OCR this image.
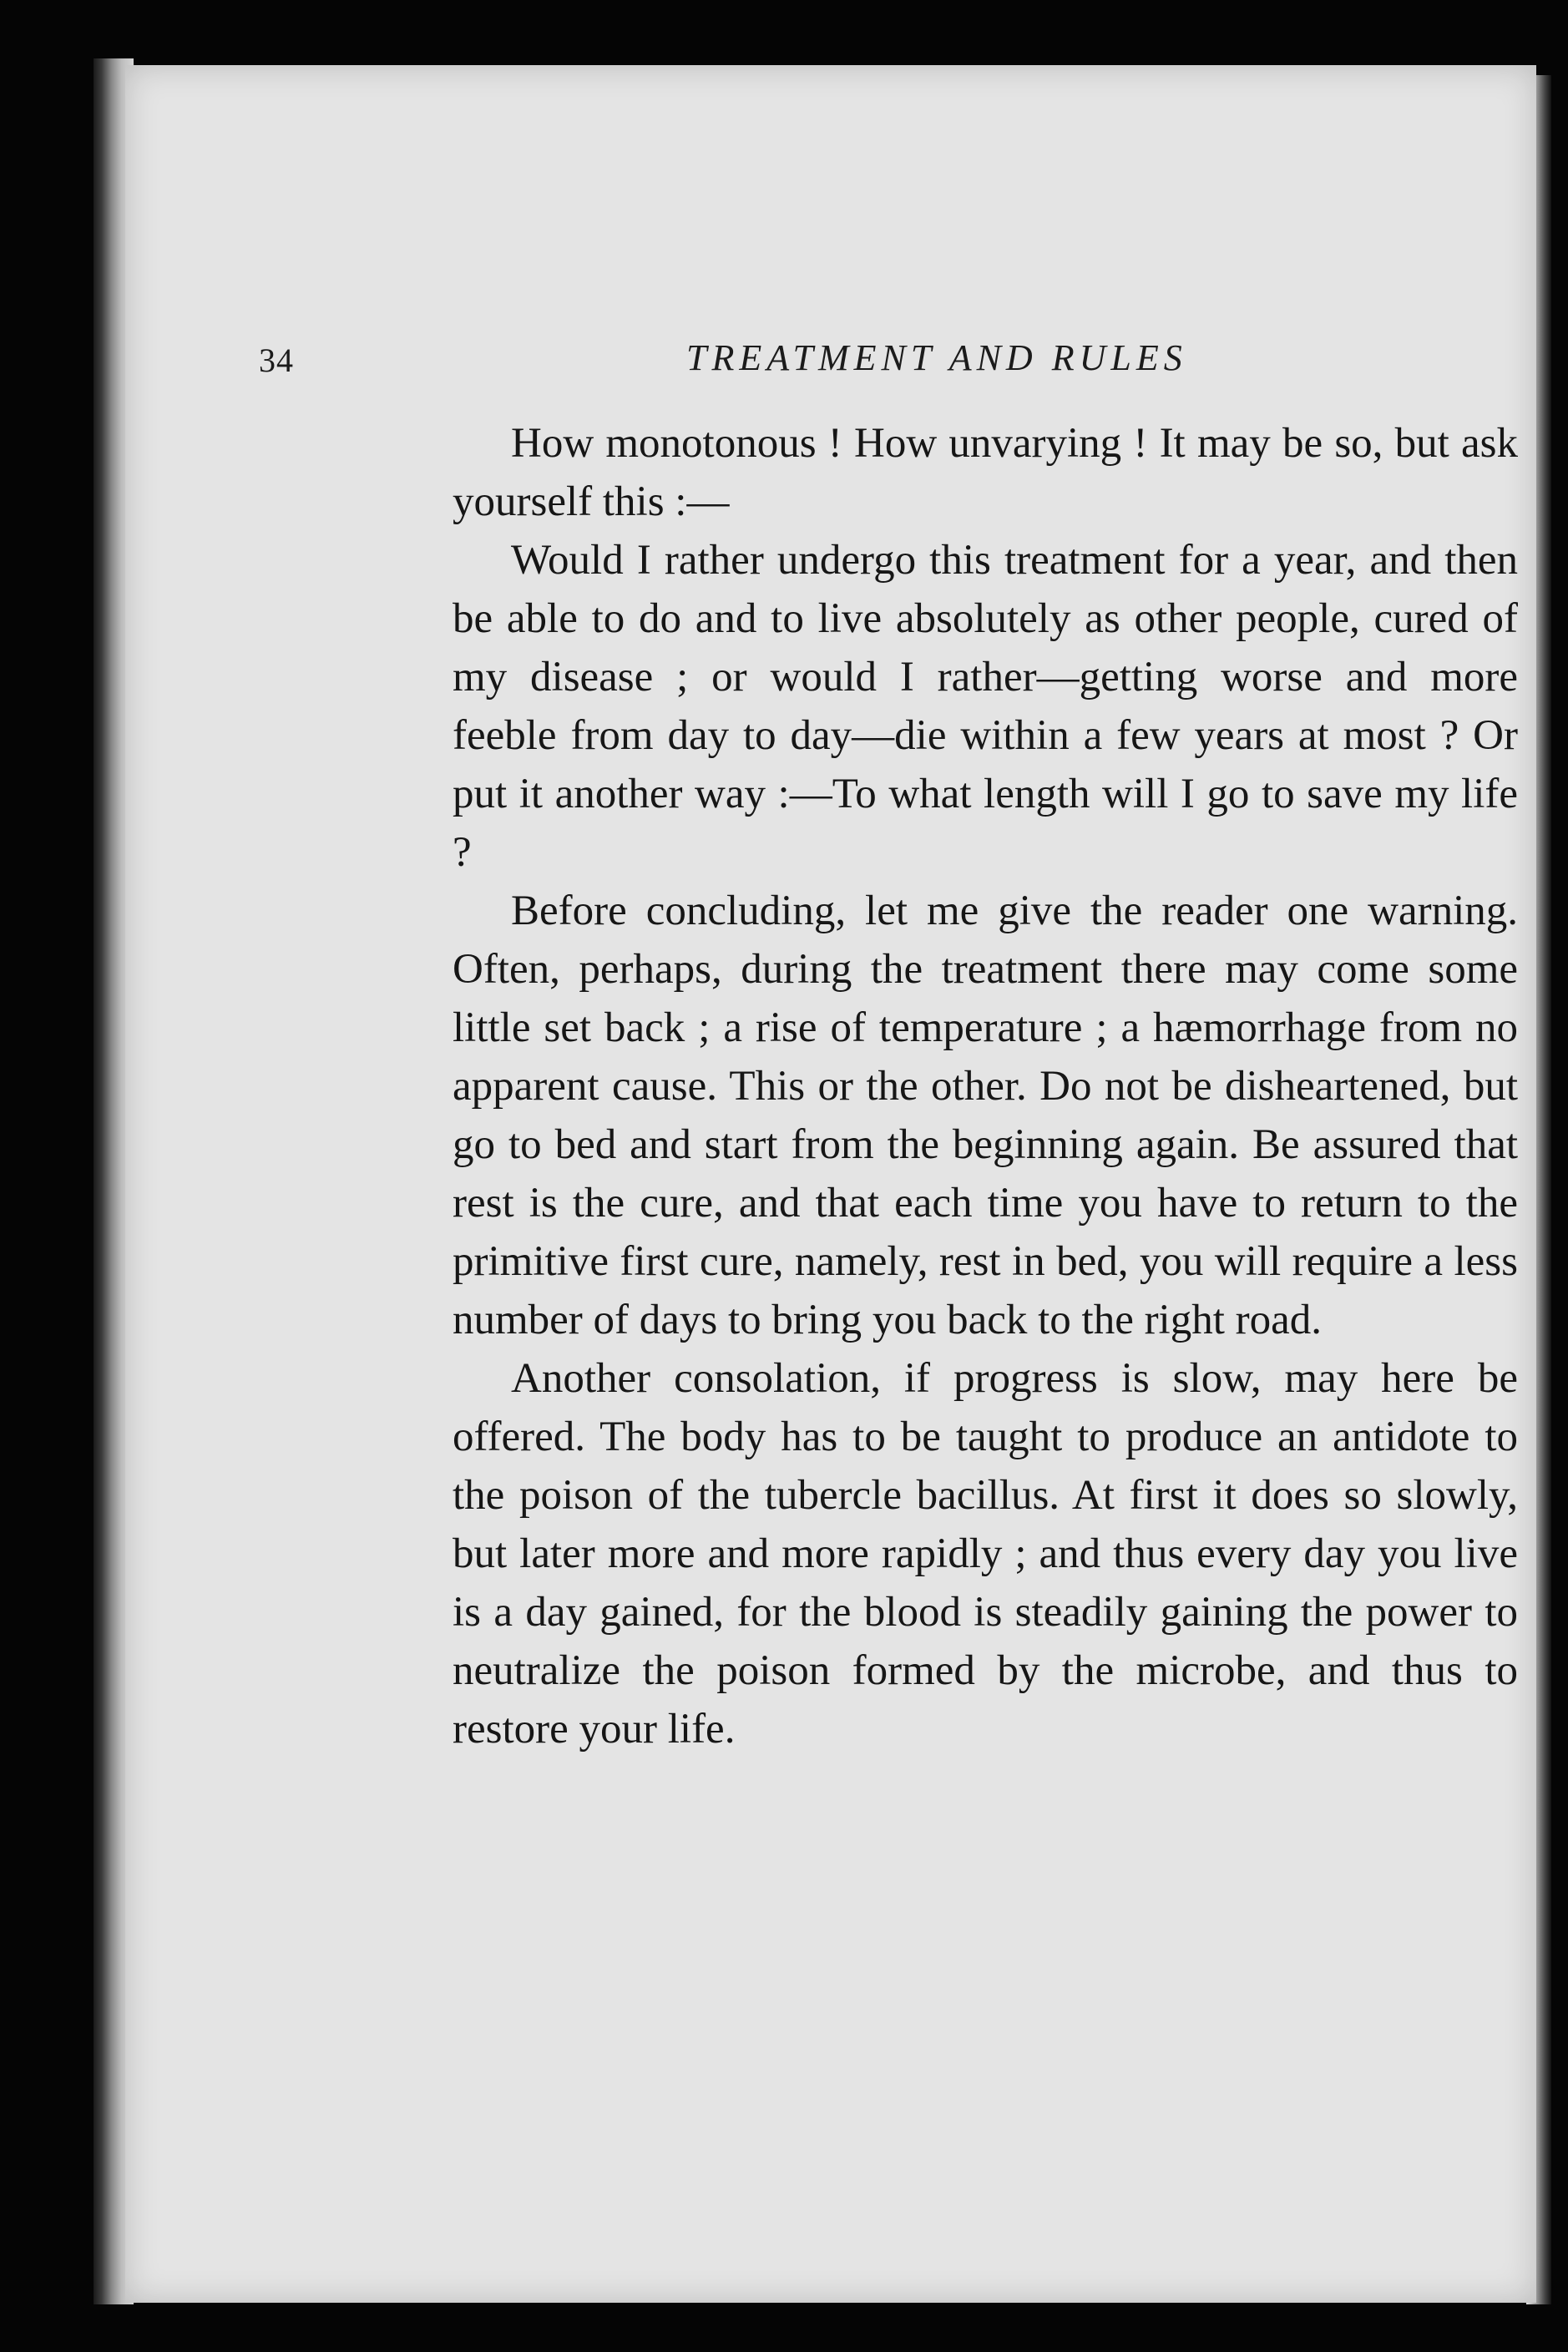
34	TREATMENT AND RULES

How monotonous ! How unvarying ! It may be so, but ask yourself this :—

Would I rather undergo this treatment for a year, and then be able to do and to live absolutely as other people, cured of my disease ; or would I rather—getting worse and more feeble from day to day—die within a few years at most ? Or put it another way :—To what length will I go to save my life ?

Before concluding, let me give the reader one warning. Often, perhaps, during the treatment there may come some little set back ; a rise of temperature ; a hæmorrhage from no apparent cause. This or the other. Do not be disheartened, but go to bed and start from the beginning again. Be assured that rest is the cure, and that each time you have to return to the primitive first cure, namely, rest in bed, you will require a less number of days to bring you back to the right road.

Another consolation, if progress is slow, may here be offered. The body has to be taught to produce an antidote to the poison of the tubercle bacillus. At first it does so slowly, but later more and more rapidly ; and thus every day you live is a day gained, for the blood is steadily gaining the power to neutralize the poison formed by the microbe, and thus to restore your life.
